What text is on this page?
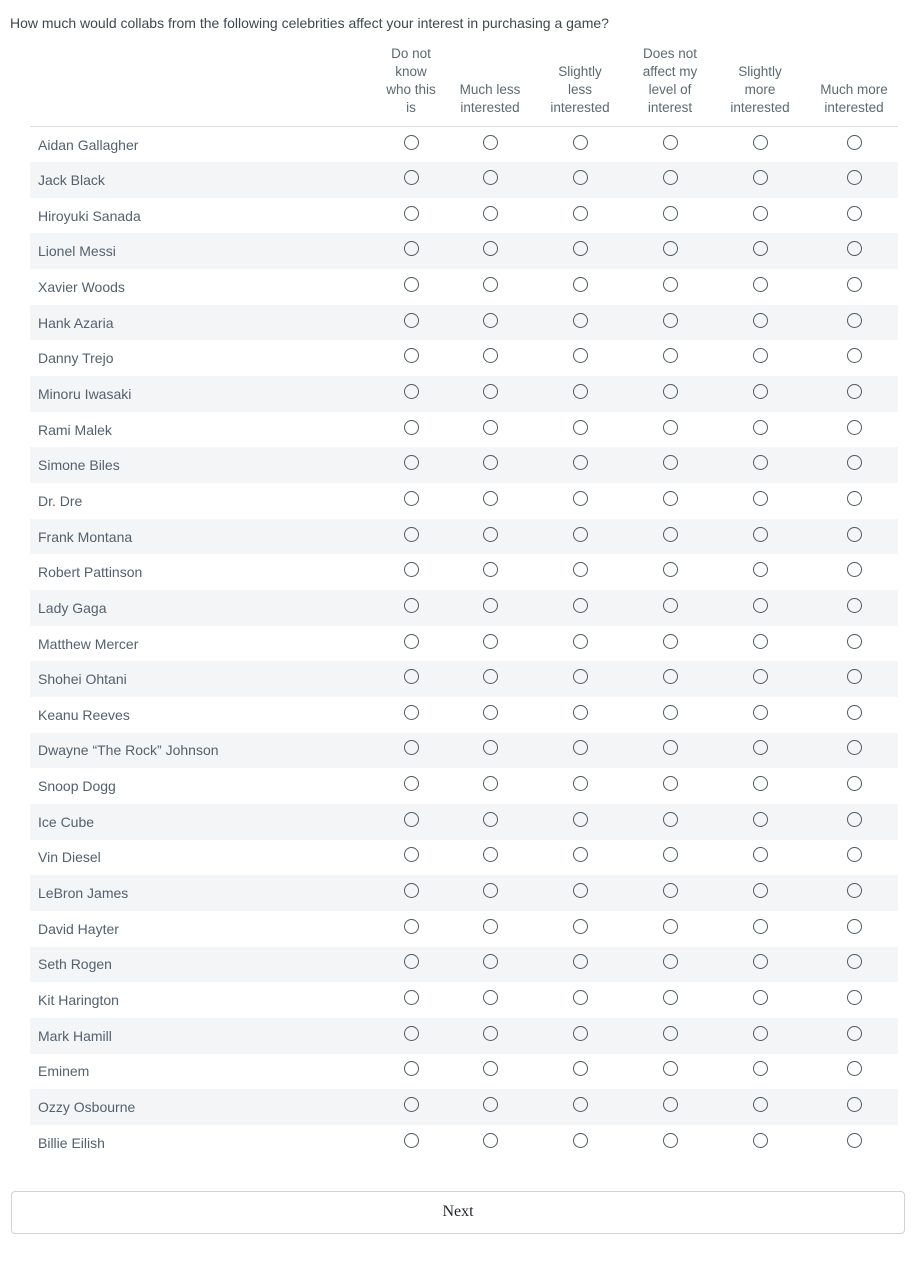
How much would collabs from the following celebrities affect your interest in purchasing a game?
	Do not know who this is	Much less interested	Slightly less interested	Does not affect my level of interest	Slightly more interested	Much more interested
Aidan Gallagher						
Jack Black						
Hiroyuki Sanada						
Lionel Messi						
Xavier Woods						
Hank Azaria						
Danny Trejo						
Minoru Iwasaki						
Rami Malek						
Simone Biles						
Dr. Dre						
Frank Montana						
Robert Pattinson						
Lady Gaga						
Matthew Mercer						
Shohei Ohtani						
Keanu Reeves						
Dwayne “The Rock” Johnson						
Snoop Dogg						
Ice Cube						
Vin Diesel						
LeBron James						
David Hayter						
Seth Rogen						
Kit Harington						
Mark Hamill						
Eminem						
Ozzy Osbourne						
Billie Eilish						
Next
